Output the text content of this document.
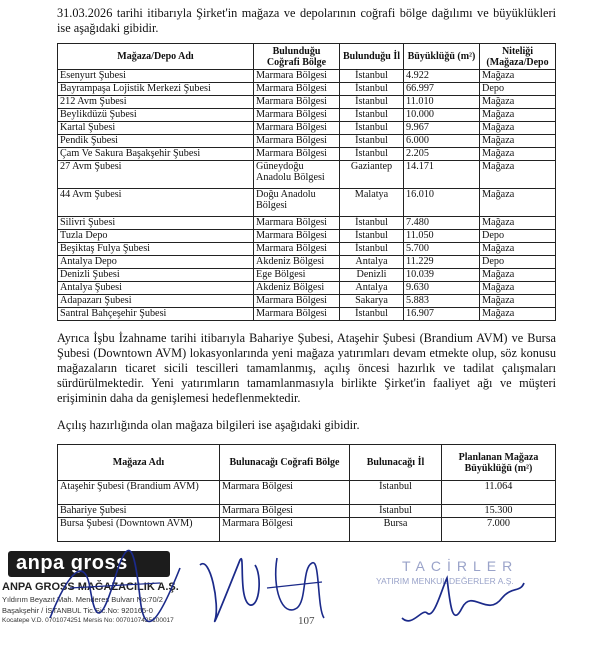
31.03.2026 tarihi itibarıyla Şirket'in mağaza ve depolarının coğrafi bölge dağılımı ve büyüklükleri ise aşağıdaki gibidir.
Mağaza/Depo Adı	Bulunduğu Coğrafi Bölge	Bulunduğu İl	Büyüklüğü (m²)	Niteliği (Mağaza/Depo
Esenyurt Şubesi	Marmara Bölgesi	İstanbul	4.922	Mağaza
Bayrampaşa Lojistik Merkezi Şubesi	Marmara Bölgesi	İstanbul	66.997	Depo
212 Avm Şubesi	Marmara Bölgesi	İstanbul	11.010	Mağaza
Beylikdüzü Şubesi	Marmara Bölgesi	İstanbul	10.000	Mağaza
Kartal Şubesi	Marmara Bölgesi	İstanbul	9.967	Mağaza
Pendik Şubesi	Marmara Bölgesi	İstanbul	6.000	Mağaza
Çam Ve Sakura Başakşehir Şubesi	Marmara Bölgesi	İstanbul	2.205	Mağaza
27 Avm Şubesi	Güneydoğu Anadolu Bölgesi	Gaziantep	14.171	Mağaza
44 Avm Şubesi	Doğu Anadolu Bölgesi	Malatya	16.010	Mağaza
Silivri Şubesi	Marmara Bölgesi	İstanbul	7.480	Mağaza
Tuzla Depo	Marmara Bölgesi	İstanbul	11.050	Depo
Beşiktaş Fulya Şubesi	Marmara Bölgesi	İstanbul	5.700	Mağaza
Antalya Depo	Akdeniz Bölgesi	Antalya	11.229	Depo
Denizli Şubesi	Ege Bölgesi	Denizli	10.039	Mağaza
Antalya Şubesi	Akdeniz Bölgesi	Antalya	9.630	Mağaza
Adapazarı Şubesi	Marmara Bölgesi	Sakarya	5.883	Mağaza
Santral Bahçeşehir Şubesi	Marmara Bölgesi	İstanbul	16.907	Mağaza
Ayrıca İşbu İzahname tarihi itibarıyla Bahariye Şubesi, Ataşehir Şubesi (Brandium AVM) ve Bursa Şubesi (Downtown AVM) lokasyonlarında yeni mağaza yatırımları devam etmekte olup, söz konusu mağazaların ticaret sicili tescilleri tamamlanmış, açılış öncesi hazırlık ve tadilat çalışmaları sürdürülmektedir. Yeni yatırımların tamamlanmasıyla birlikte Şirket'in faaliyet ağı ve müşteri erişiminin daha da genişlemesi hedeflenmektedir.
Açılış hazırlığında olan mağaza bilgileri ise aşağıdaki gibidir.
Mağaza Adı	Bulunacağı Coğrafi Bölge	Bulunacağı İl	Planlanan Mağaza Büyüklüğü (m²)
Ataşehir Şubesi (Brandium AVM)	Marmara Bölgesi	İstanbul	11.064
Bahariye Şubesi	Marmara Bölgesi	İstanbul	15.300
Bursa Şubesi (Downtown AVM)	Marmara Bölgesi	Bursa	7.000
anpa gross
ANPA GROSS MAĞAZACILIK A.Ş.
Yıldırım Beyazıt Mah. Menderes Bulvarı No:70/2
Başakşehir / İSTANBUL Tic.Sic.No: 920165-0
Kocatepe V.D. 0701074251 Mersis No: 0070107425100017	107
TACİRLER
YATIRIM MENKUL DEĞERLER A.Ş.
